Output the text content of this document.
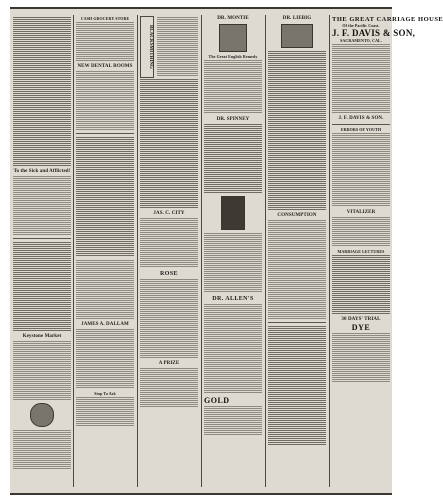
To the Sick and Afflicted!
Keystone Market
CASH GROCERY STORE
NEW DENTAL ROOMS
JAMES A. DALLAM
Stop To Ask
BLACKSMITHING
JAS. C. CITY
ROSE
A PRIZE
DR. MONTIE
The Great English Remedy
DR. SPINNEY
DR. ALLEN'S
GOLD
DR. LIEBIG
CONSUMPTION
THE GREAT CARRIAGE HOUSE
Of the Pacific Coast.
J. F. DAVIS & SON,
SACRAMENTO, CAL.
J. F. DAVIS & SON.
ERRORS OF YOUTH
VITALIZER
MARRIAGE LECTURES
30 DAYS' TRIAL
DYE
